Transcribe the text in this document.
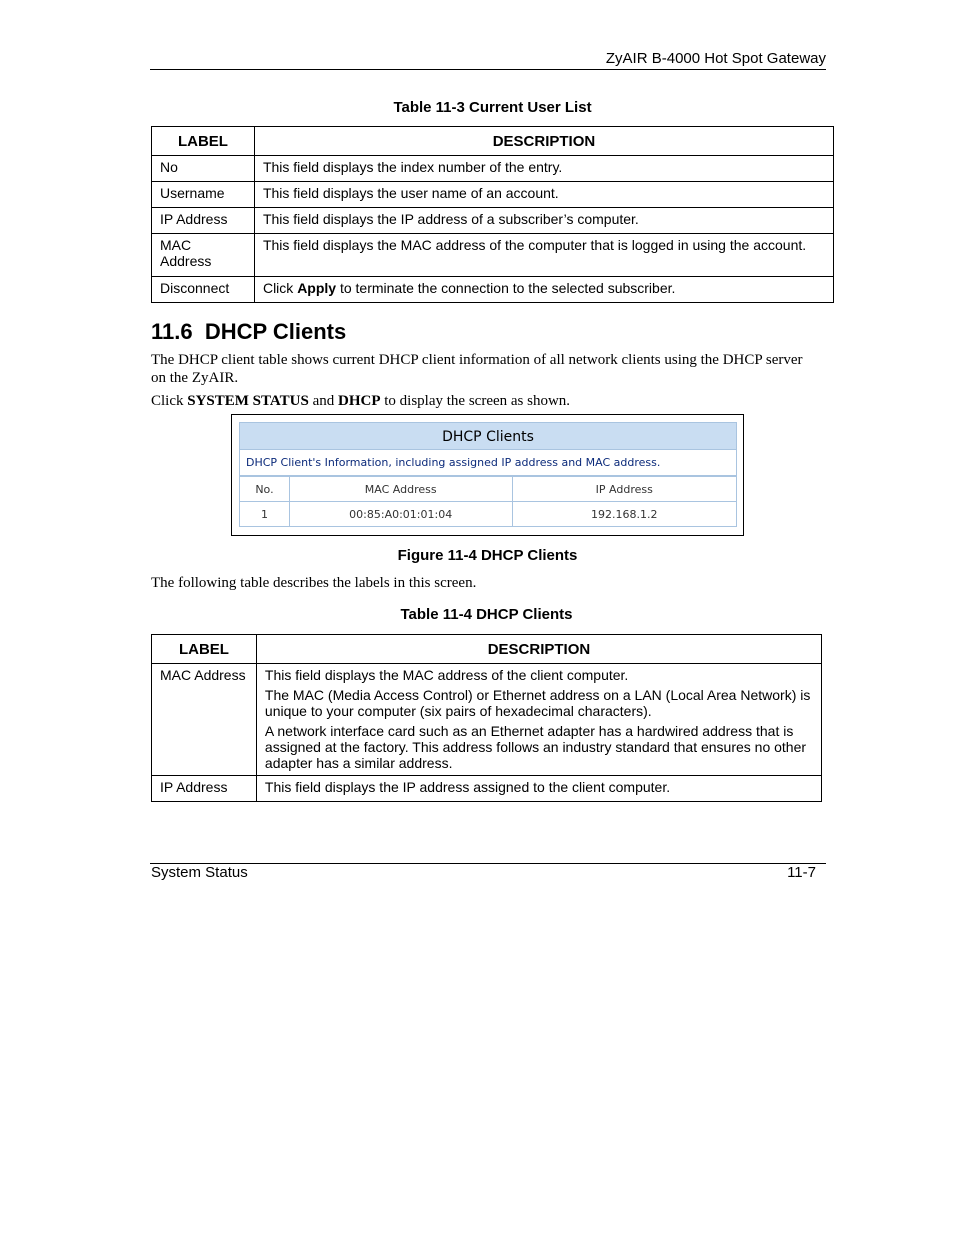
ZyAIR B-4000 Hot Spot Gateway
Table 11-3 Current User List
LABEL	DESCRIPTION
No	This field displays the index number of the entry.
Username	This field displays the user name of an account.
IP Address	This field displays the IP address of a subscriber’s computer.

MAC Address	This field displays the MAC address of the computer that is logged in using the account.
Disconnect	Click Apply to terminate the connection to the selected subscriber.
11.6  DHCP Clients
The DHCP client table shows current DHCP client information of all network clients using the DHCP server on the ZyAIR.
Click SYSTEM STATUS and DHCP to display the screen as shown.
DHCP Clients
DHCP Client's Information, including assigned IP address and MAC address.
No.	MAC Address	IP Address
1	00:85:A0:01:01:04	192.168.1.2
Figure 11-4 DHCP Clients
The following table describes the labels in this screen.
Table 11-4 DHCP Clients
LABEL	DESCRIPTION
MAC Address	This field displays the MAC address of the client computer.

The MAC (Media Access Control) or Ethernet address on a LAN (Local Area Network) is unique to your computer (six pairs of hexadecimal characters).

A network interface card such as an Ethernet adapter has a hardwired address that is assigned at the factory. This address follows an industry standard that ensures no other adapter has a similar address.

IP Address	This field displays the IP address assigned to the client computer.
System Status	11-7
